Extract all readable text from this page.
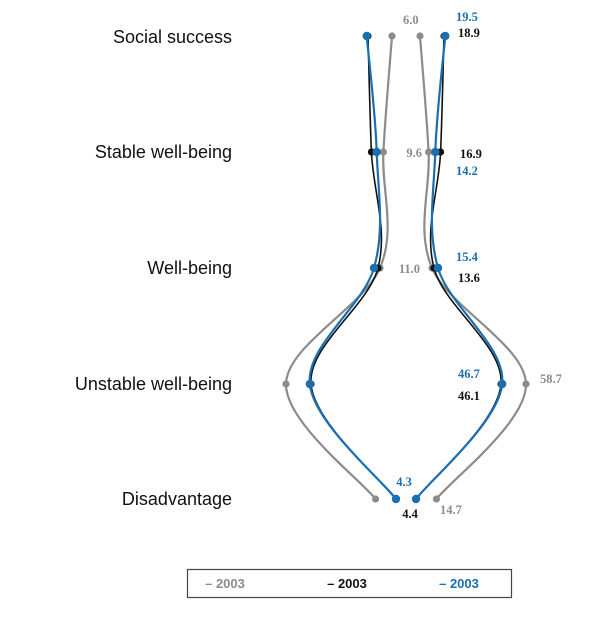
Social success
Stable well-being
Well-being
Unstable well-being
Disadvantage
6.0
9.6
11.0
58.7
14.7
18.9
16.9
13.6
46.1
4.4
19.5
14.2
15.4
46.7
4.3
– 2003	– 2003	– 2003
